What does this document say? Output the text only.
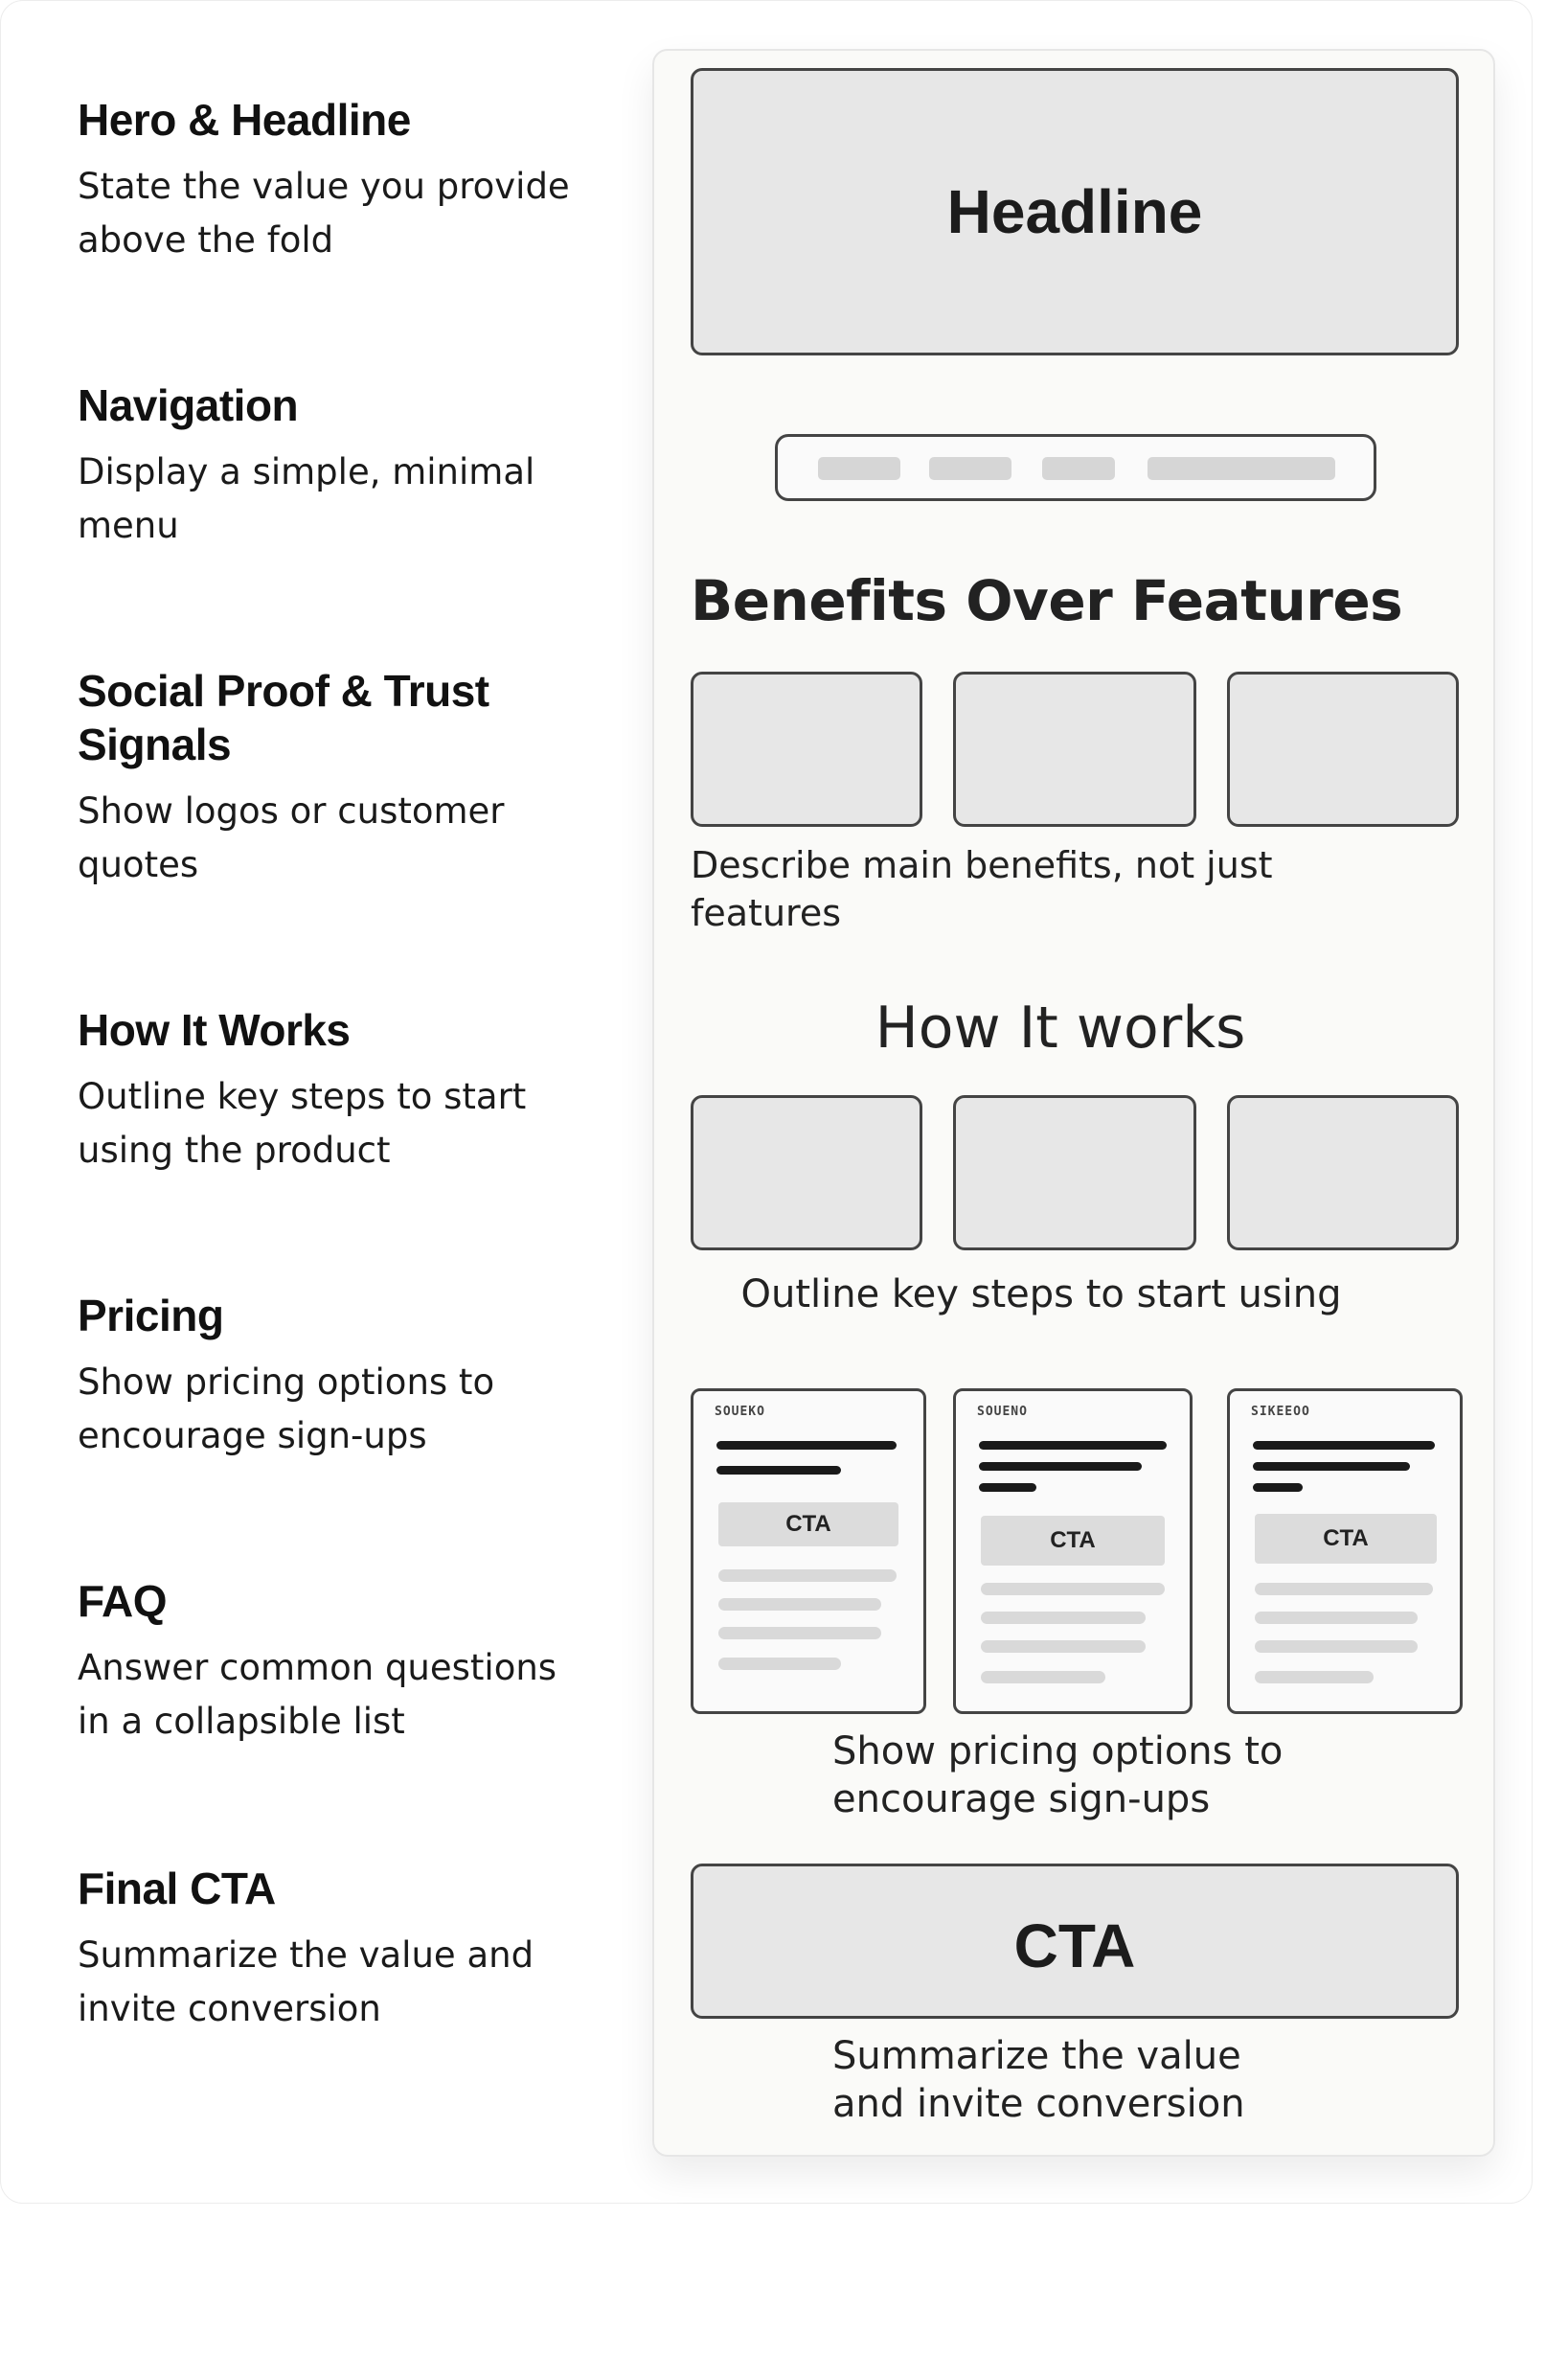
Hero & Headline

State the value you provide above the fold

Navigation

Display a simple, minimal menu

Social Proof & Trust Signals

Show logos or customer quotes

How It Works

Outline key steps to start using the product

Pricing

Show pricing options to encourage sign-ups

FAQ

Answer common questions in a collapsible list

Final CTA

Summarize the value and invite conversion

Headline
Benefits Over Features
Describe main benefits, not just features
How It works
Outline key steps to start using
SOUEKO
CTA
SOUENO
CTA
SIKEEOO
CTA
Show pricing options to encourage sign-ups
CTA
Summarize the value and invite conversion
